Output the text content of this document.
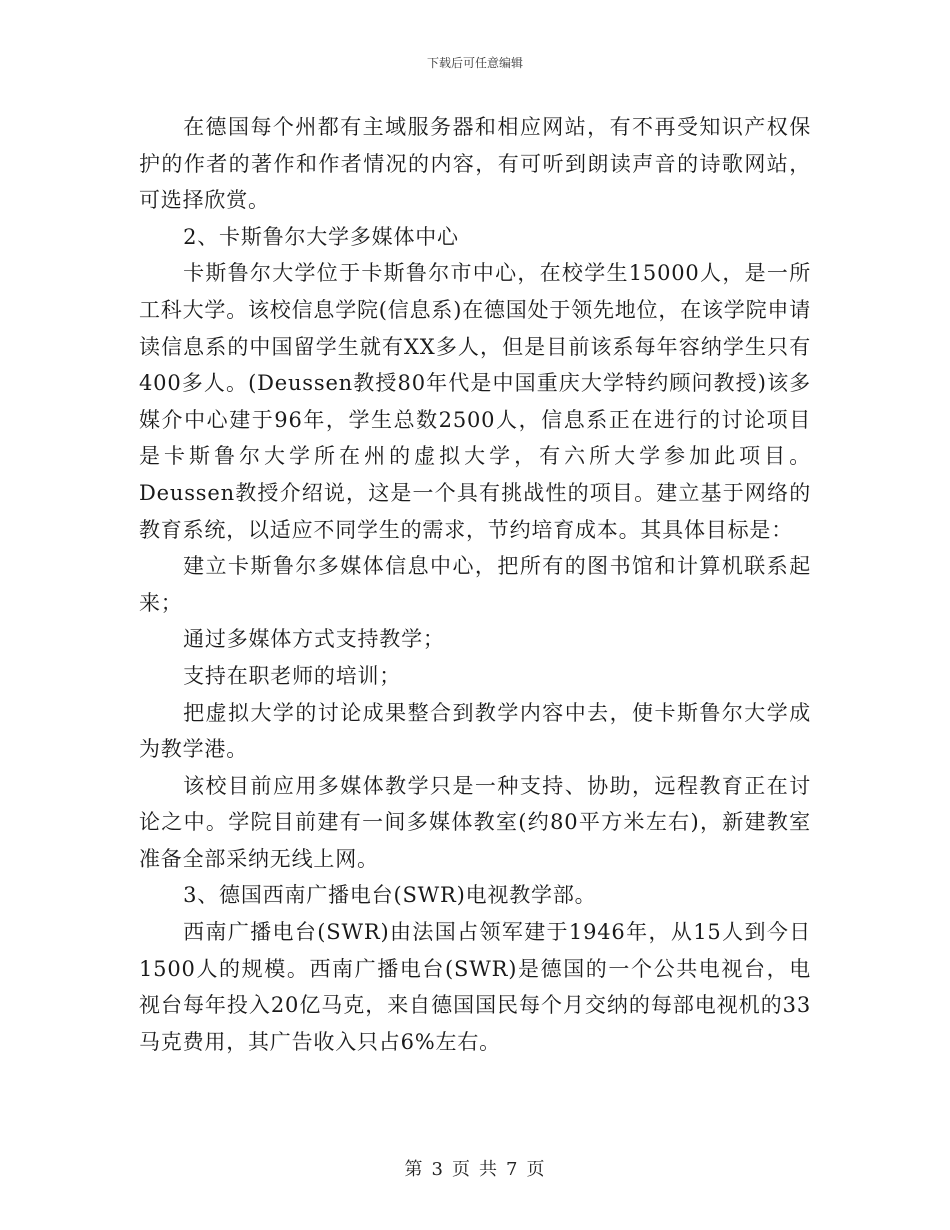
下载后可任意编辑

在德国每个州都有主域服务器和相应网站，有不再受知识产权保护的作者的著作和作者情况的内容，有可听到朗读声音的诗歌网站，可选择欣赏。

2、卡斯鲁尔大学多媒体中心

卡斯鲁尔大学位于卡斯鲁尔市中心，在校学生15000人，是一所工科大学。该校信息学院(信息系)在德国处于领先地位，在该学院申请读信息系的中国留学生就有XX多人，但是目前该系每年容纳学生只有400多人。(Deussen教授80年代是中国重庆大学特约顾问教授)该多媒介中心建于96年，学生总数2500人，信息系正在进行的讨论项目是卡斯鲁尔大学所在州的虚拟大学，有六所大学参加此项目。Deussen教授介绍说，这是一个具有挑战性的项目。建立基于网络的教育系统，以适应不同学生的需求，节约培育成本。其具体目标是：

建立卡斯鲁尔多媒体信息中心，把所有的图书馆和计算机联系起来；

通过多媒体方式支持教学；

支持在职老师的培训；

把虚拟大学的讨论成果整合到教学内容中去，使卡斯鲁尔大学成为教学港。

该校目前应用多媒体教学只是一种支持、协助，远程教育正在讨论之中。学院目前建有一间多媒体教室(约80平方米左右)，新建教室准备全部采纳无线上网。

3、德国西南广播电台(SWR)电视教学部。

西南广播电台(SWR)由法国占领军建于1946年，从15人到今日1500人的规模。西南广播电台(SWR)是德国的一个公共电视台，电视台每年投入20亿马克，来自德国国民每个月交纳的每部电视机的33马克费用，其广告收入只占6%左右。

第 3 页 共 7 页
